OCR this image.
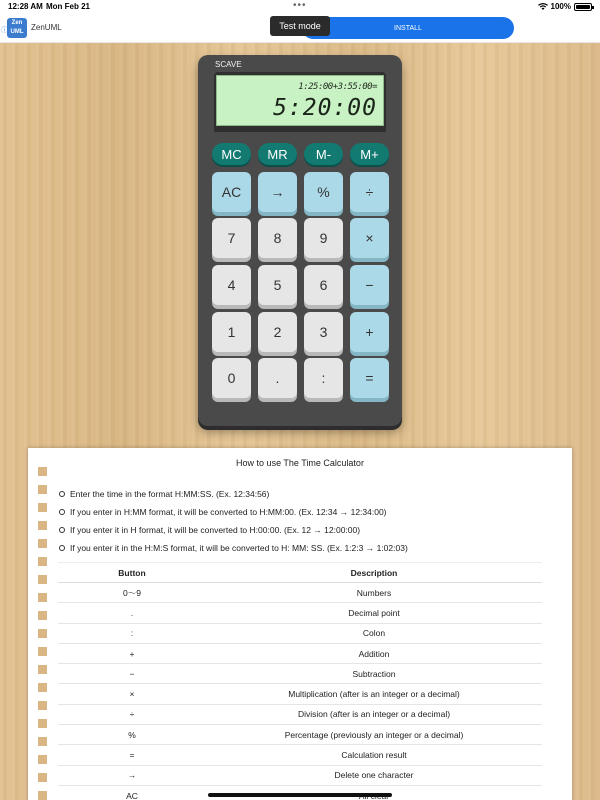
12:28 AM Mon Feb 21	•••	100%
Zen UML
ⓘ	ZenUML	INSTALL
Test mode
SCAVE
1:25:00+3:55:00=
5:20:00
MC	MR	M-	M+
AC	→	%	÷
7	8	9	×
4	5	6	−
1	2	3	+
0	.	:	=
How to use The Time Calculator
Enter the time in the format H:MM:SS. (Ex. 12:34:56)
If you enter in H:MM format, it will be converted to H:MM:00. (Ex. 12:34 → 12:34:00)
If you enter it in H format, it will be converted to H:00:00. (Ex. 12 → 12:00:00)
If you enter it in the H:M:S format, it will be converted to H: MM: SS. (Ex. 1:2:3 → 1:02:03)
Button	Description
0〜9	Numbers
.	Decimal point
:	Colon
+	Addition
−	Subtraction
×	Multiplication (after is an integer or a decimal)
÷	Division (after is an integer or a decimal)
%	Percentage (previously an integer or a decimal)
=	Calculation result
→	Delete one character
AC	
